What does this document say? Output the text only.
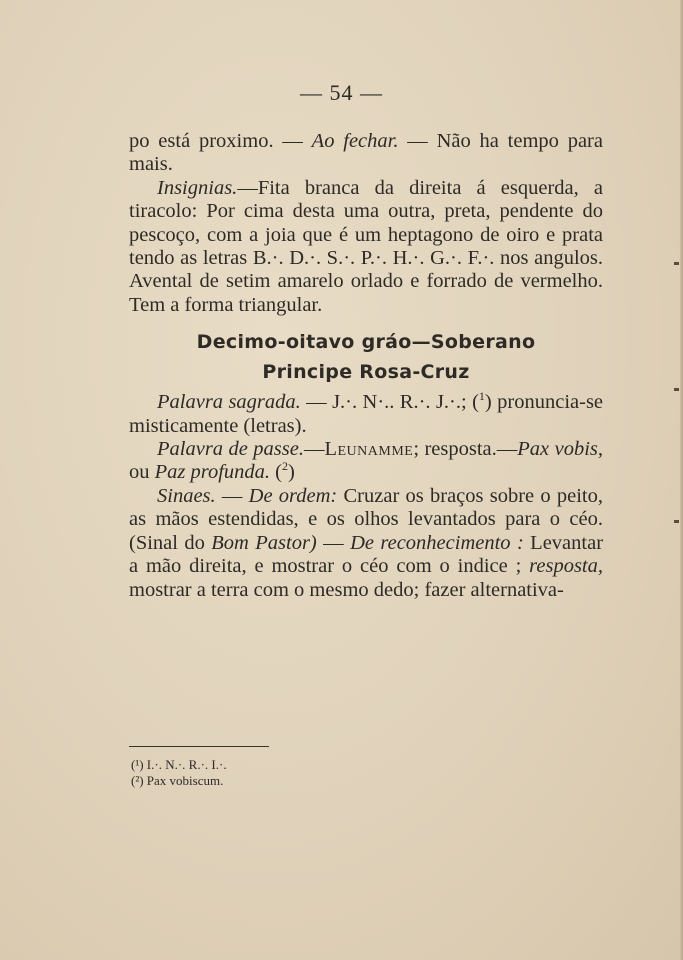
— 54 —

po está proximo. — Ao fechar. — Não ha tempo para mais.

Insignias.—Fita branca da direita á esquerda, a tiracolo: Por cima desta uma outra, preta, pendente do pescoço, com a joia que é um heptagono de oiro e prata tendo as letras B.·. D.·. S.·. P.·. H.·. G.·. F.·. nos angulos. Avental de setim amarelo orlado e forrado de vermelho. Tem a forma triangular.

Decimo-oitavo gráo—Soberano
Principe Rosa-Cruz

Palavra sagrada. — J.·. N·.. R.·. J.·.; ($^1$) pronuncia-se misticamente (letras).

Palavra de passe.—Leunamme; resposta.—Pax vobis, ou Paz profunda. ($^2$)

Sinaes. — De ordem: Cruzar os braços sobre o peito, as mãos estendidas, e os olhos levantados para o céo. (Sinal do Bom Pastor) — De reconhecimento : Levantar a mão direita, e mostrar o céo com o indice ; resposta, mostrar a terra com o mesmo dedo; fazer alternativa-

(¹) I.·. N.·. R.·. I.·.
(²) Pax vobiscum.
